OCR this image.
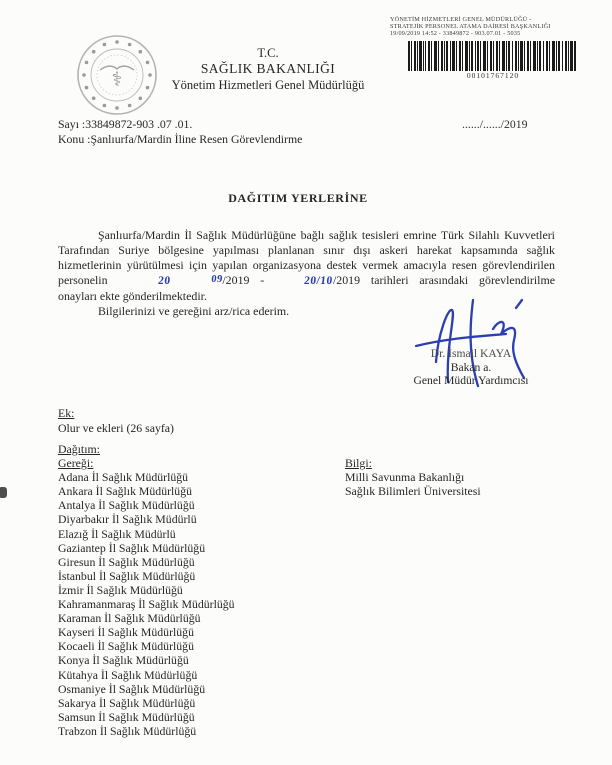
YÖNETİM HİZMETLERİ GENEL MÜDÜRLÜĞÜ -
STRATEJİK PERSONEL ATAMA DAİRESİ BAŞKANLIĞI
19/09/2019 14:52 - 33849872 - 903.07.01 - 5035
00101767120
⚕
T.C.
SAĞLIK BAKANLIĞI
Yönetim Hizmetleri Genel Müdürlüğü
Sayı :33849872-903 .07 .01.
Konu :Şanlıurfa/Mardin İline Resen Görevlendirme
....../....../2019
DAĞITIM YERLERİNE

Şanlıurfa/Mardin İl Sağlık Müdürlüğüne bağlı sağlık tesisleri emrine Türk Silahlı Kuvvetleri Tarafından Suriye bölgesine yapılması planlanan sınır dışı askeri harekat kapsamında sağlık hizmetlerinin yürütülmesi için yapılan organizasyona destek vermek amacıyla resen görevlendirilen personelin	20	09/2019 -	20/10/2019 tarihleri arasındaki görevlendirilme onayları ekte gönderilmektedir.

Bilgilerinizi ve gereğini arz/rica ederim.

Dr. İsmail KAYA
Bakan a.
Genel Müdür Yardımcısı
Ek:
Olur ve ekleri (26 sayfa)
Dağıtım:
Gereği:
Adana İl Sağlık Müdürlüğü
Ankara İl Sağlık Müdürlüğü
Antalya İl Sağlık Müdürlüğü
Diyarbakır İl Sağlık Müdürlü
Elazığ İl Sağlık Müdürlü
Gaziantep İl Sağlık Müdürlüğü
Giresun İl Sağlık Müdürlüğü
İstanbul İl Sağlık Müdürlüğü
İzmir İl Sağlık Müdürlüğü
Kahramanmaraş İl Sağlık Müdürlüğü
Karaman İl Sağlık Müdürlüğü
Kayseri İl Sağlık Müdürlüğü
Kocaeli İl Sağlık Müdürlüğü
Konya İl Sağlık Müdürlüğü
Kütahya İl Sağlık Müdürlüğü
Osmaniye İl Sağlık Müdürlüğü
Sakarya İl Sağlık Müdürlüğü
Samsun İl Sağlık Müdürlüğü
Trabzon İl Sağlık Müdürlüğü
Bilgi:
Milli Savunma Bakanlığı
Sağlık Bilimleri Üniversitesi
